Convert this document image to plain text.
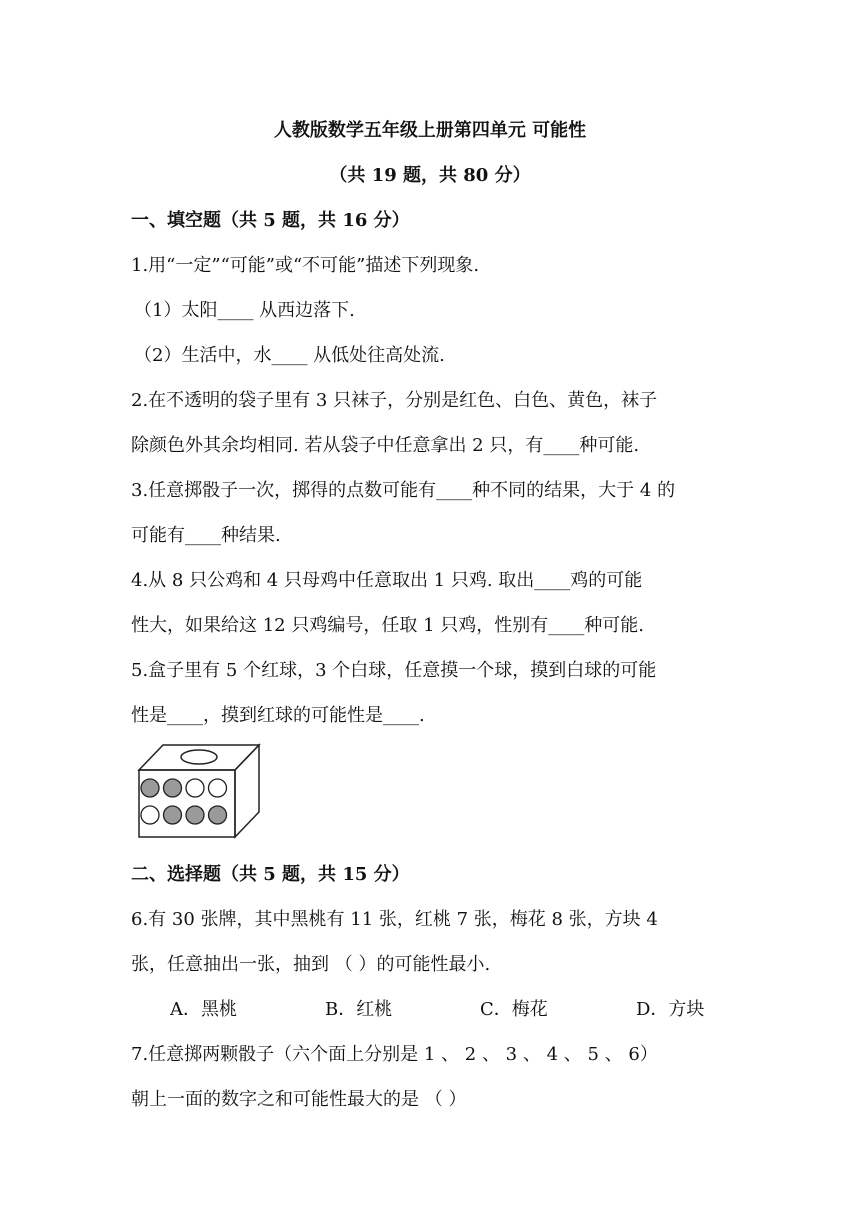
人教版数学五年级上册第四单元 可能性
（共 19 题，共 80 分）
一、填空题（共 5 题，共 16 分）
1.用“一定”“可能”或“不可能”描述下列现象.
（1）太阳____ 从西边落下.
（2）生活中，水____ 从低处往高处流.
2.在不透明的袋子里有 3 只袜子，分别是红色、白色、黄色，袜子
除颜色外其余均相同. 若从袋子中任意拿出 2 只，有____种可能.
3.任意掷骰子一次，掷得的点数可能有____种不同的结果，大于 4 的
可能有____种结果.
4.从 8 只公鸡和 4 只母鸡中任意取出 1 只鸡. 取出____鸡的可能
性大，如果给这 12 只鸡编号，任取 1 只鸡，性别有____种可能.
5.盒子里有 5 个红球，3 个白球，任意摸一个球，摸到白球的可能
性是____，摸到红球的可能性是____.
二、选择题（共 5 题，共 15 分）
6.有 30 张牌，其中黑桃有 11 张，红桃 7 张，梅花 8 张，方块 4
张，任意抽出一张，抽到 （ ）的可能性最小.
A．黑桃	B．红桃	C．梅花	D．方块
7.任意掷两颗骰子（六个面上分别是 1 、 2 、 3 、 4 、 5 、 6）
朝上一面的数字之和可能性最大的是 （ ）
